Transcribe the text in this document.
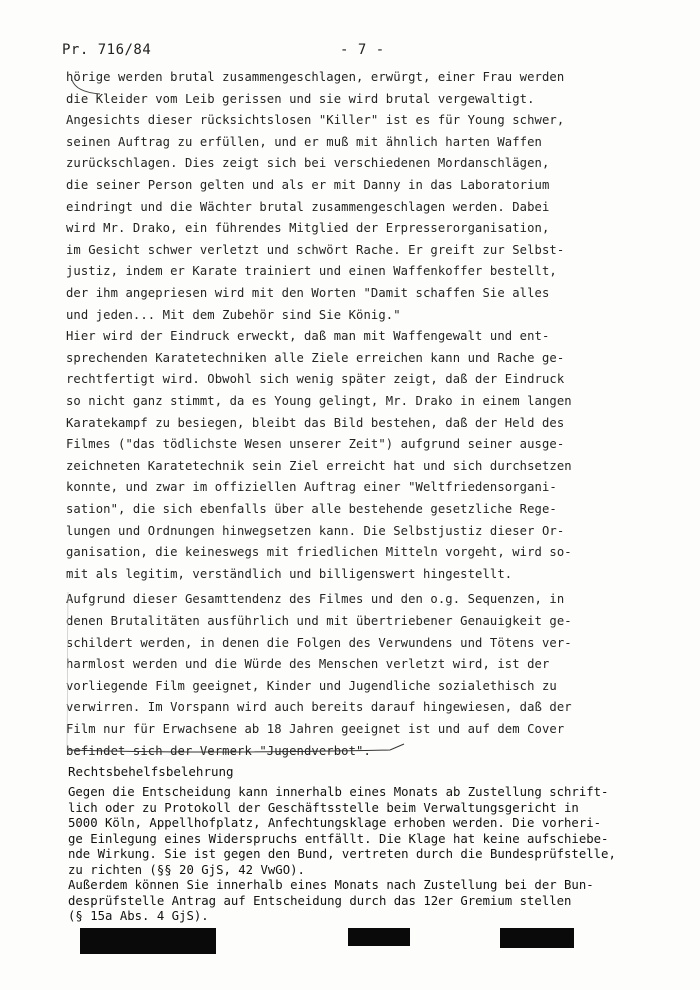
Pr. 716/84	- 7 -
hörige werden brutal zusammengeschlagen, erwürgt, einer Frau werden
die Kleider vom Leib gerissen und sie wird brutal vergewaltigt.
Angesichts dieser rücksichtslosen "Killer" ist es für Young schwer,
seinen Auftrag zu erfüllen, und er muß mit ähnlich harten Waffen
zurückschlagen. Dies zeigt sich bei verschiedenen Mordanschlägen,
die seiner Person gelten und als er mit Danny in das Laboratorium
eindringt und die Wächter brutal zusammengeschlagen werden. Dabei
wird Mr. Drako, ein führendes Mitglied der Erpresserorganisation,
im Gesicht schwer verletzt und schwört Rache. Er greift zur Selbst-
justiz, indem er Karate trainiert und einen Waffenkoffer bestellt,
der ihm angepriesen wird mit den Worten "Damit schaffen Sie alles
und jeden... Mit dem Zubehör sind Sie König."
Hier wird der Eindruck erweckt, daß man mit Waffengewalt und ent-
sprechenden Karatetechniken alle Ziele erreichen kann und Rache ge-
rechtfertigt wird. Obwohl sich wenig später zeigt, daß der Eindruck
so nicht ganz stimmt, da es Young gelingt, Mr. Drako in einem langen
Karatekampf zu besiegen, bleibt das Bild bestehen, daß der Held des
Filmes ("das tödlichste Wesen unserer Zeit") aufgrund seiner ausge-
zeichneten Karatetechnik sein Ziel erreicht hat und sich durchsetzen
konnte, und zwar im offiziellen Auftrag einer "Weltfriedensorgani-
sation", die sich ebenfalls über alle bestehende gesetzliche Rege-
lungen und Ordnungen hinwegsetzen kann. Die Selbstjustiz dieser Or-
ganisation, die keineswegs mit friedlichen Mitteln vorgeht, wird so-
mit als legitim, verständlich und billigenswert hingestellt.
Aufgrund dieser Gesamttendenz des Filmes und den o.g. Sequenzen, in
denen Brutalitäten ausführlich und mit übertriebener Genauigkeit ge-
schildert werden, in denen die Folgen des Verwundens und Tötens ver-
harmlost werden und die Würde des Menschen verletzt wird, ist der
vorliegende Film geeignet, Kinder und Jugendliche sozialethisch zu
verwirren. Im Vorspann wird auch bereits darauf hingewiesen, daß der
Film nur für Erwachsene ab 18 Jahren geeignet ist und auf dem Cover
befindet sich der Vermerk "Jugendverbot".
Rechtsbehelfsbelehrung
Gegen die Entscheidung kann innerhalb eines Monats ab Zustellung schrift-
lich oder zu Protokoll der Geschäftsstelle beim Verwaltungsgericht in
5000 Köln, Appellhofplatz, Anfechtungsklage erhoben werden. Die vorheri-
ge Einlegung eines Widerspruchs entfällt. Die Klage hat keine aufschiebe-
nde Wirkung. Sie ist gegen den Bund, vertreten durch die Bundesprüfstelle,
zu richten (§§ 20 GjS, 42 VwGO).
Außerdem können Sie innerhalb eines Monats nach Zustellung bei der Bun-
desprüfstelle Antrag auf Entscheidung durch das 12er Gremium stellen
(§ 15a Abs. 4 GjS).
